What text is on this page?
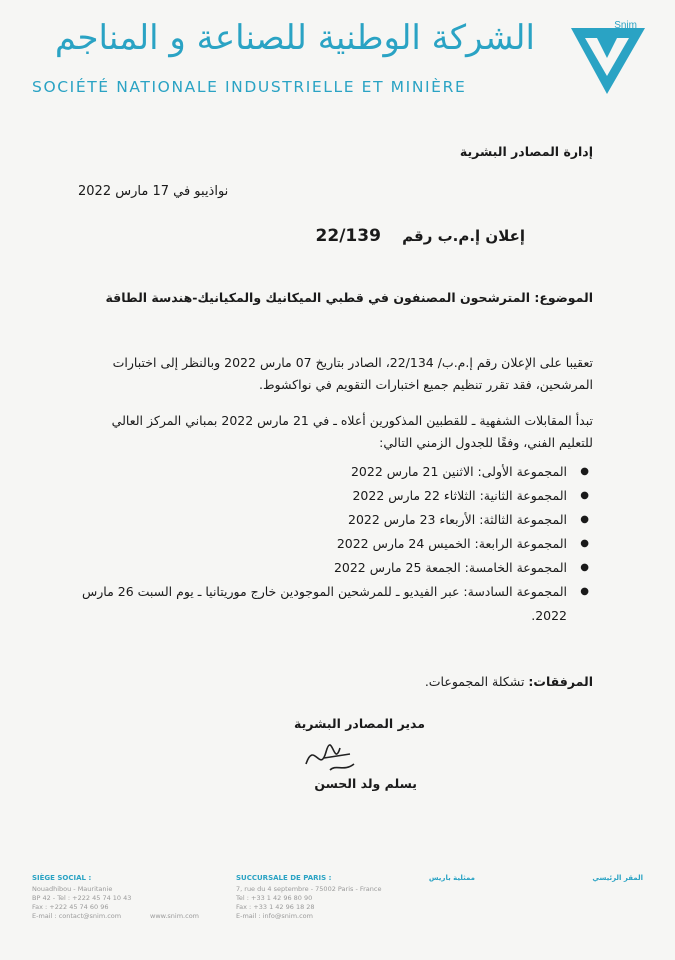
الشركة الوطنية للصناعة و المناجم
SOCIÉTÉ NATIONALE INDUSTRIELLE ET MINIÈRE
Snim
إدارة المصادر البشرية
نواذيبو في 17 مارس 2022
إعلان إ.م.ب رقم 22/139
الموضوع: المترشحون المصنفون في قطبي الميكانيك والمكيانيك-هندسة الطاقة
تعقيبا على الإعلان رقم إ.م.ب/ 22/134، الصادر بتاريخ 07 مارس 2022 وبالنظر إلى اختبارات المرشحين، فقد تقرر تنظيم جميع اختبارات التقويم في نواكشوط.
تبدأ المقابلات الشفهية ـ للقطبين المذكورين أعلاه ـ في 21 مارس 2022 بمباني المركز العالي للتعليم الفني، وفقًا للجدول الزمني التالي:
●
المجموعة الأولى: الاثنين 21 مارس 2022
●
المجموعة الثانية: الثلاثاء 22 مارس 2022
●
المجموعة الثالثة: الأربعاء 23 مارس 2022
●
المجموعة الرابعة: الخميس 24 مارس 2022
●
المجموعة الخامسة: الجمعة 25 مارس 2022
●
المجموعة السادسة: عبر الفيديو ـ للمرشحين الموجودين خارج موريتانيا ـ يوم السبت 26 مارس 2022.
المرفقات: تشكلة المجموعات.
مدير المصادر البشرية
يسلم ولد الحسن
SIÈGE SOCIAL :
Nouadhibou - Mauritanie
BP 42 - Tel : +222 45 74 10 43
Fax : +222 45 74 60 96
E-mail : contact@snim.com	www.snim.com
SUCCURSALE DE PARIS :
7, rue du 4 septembre - 75002 Paris - France
Tel : +33 1 42 96 80 90
Fax : +33 1 42 96 18 28
E-mail : info@snim.com
ممثلية باريس	المقر الرئيسي
